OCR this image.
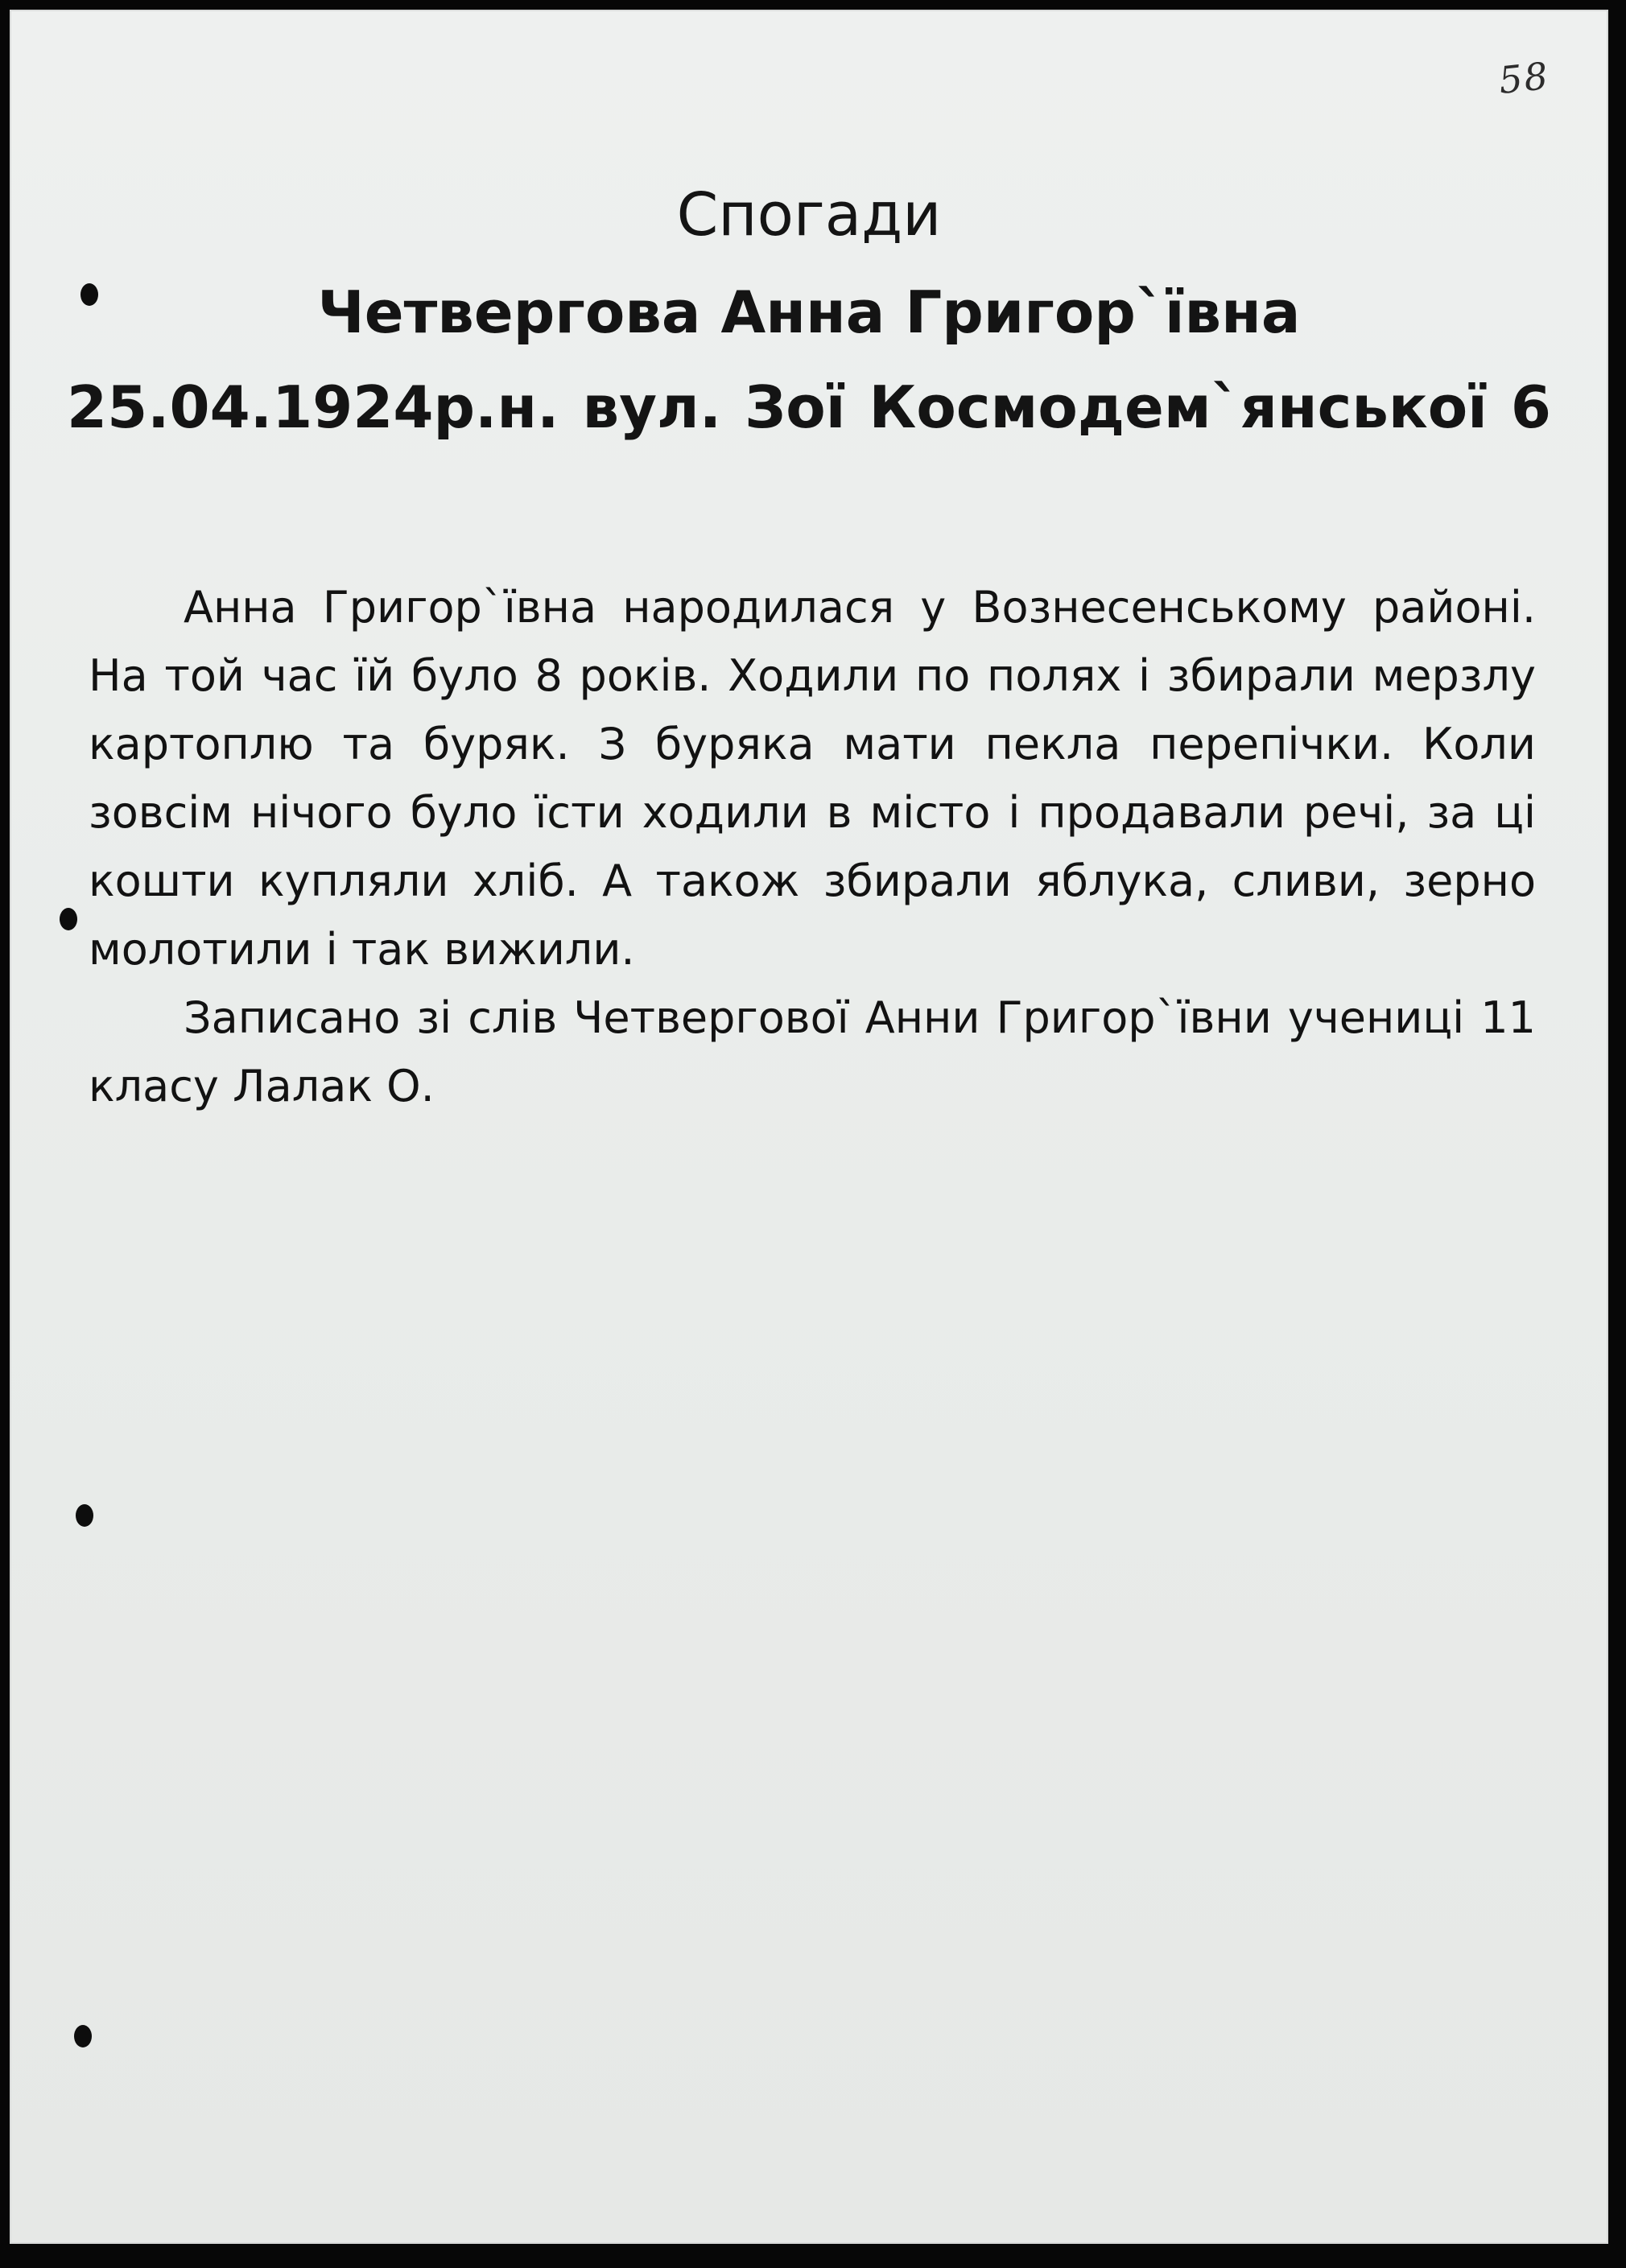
58
Спогади
Четвергова Анна Григор`ївна
25.04.1924р.н. вул. Зої Космодем`янської 6

Анна Григор`ївна народилася у Вознесенському районі. На той час їй було 8 років. Ходили по полях і збирали мерзлу картоплю та буряк. З буряка мати пекла перепічки. Коли зовсім нічого було їсти ходили в місто і продавали речі, за ці кошти купляли хліб. А також збирали яблука, сливи, зерно молотили і так вижили.

Записано зі слів Четвергової Анни Григор`ївни учениці 11 класу Лалак О.
